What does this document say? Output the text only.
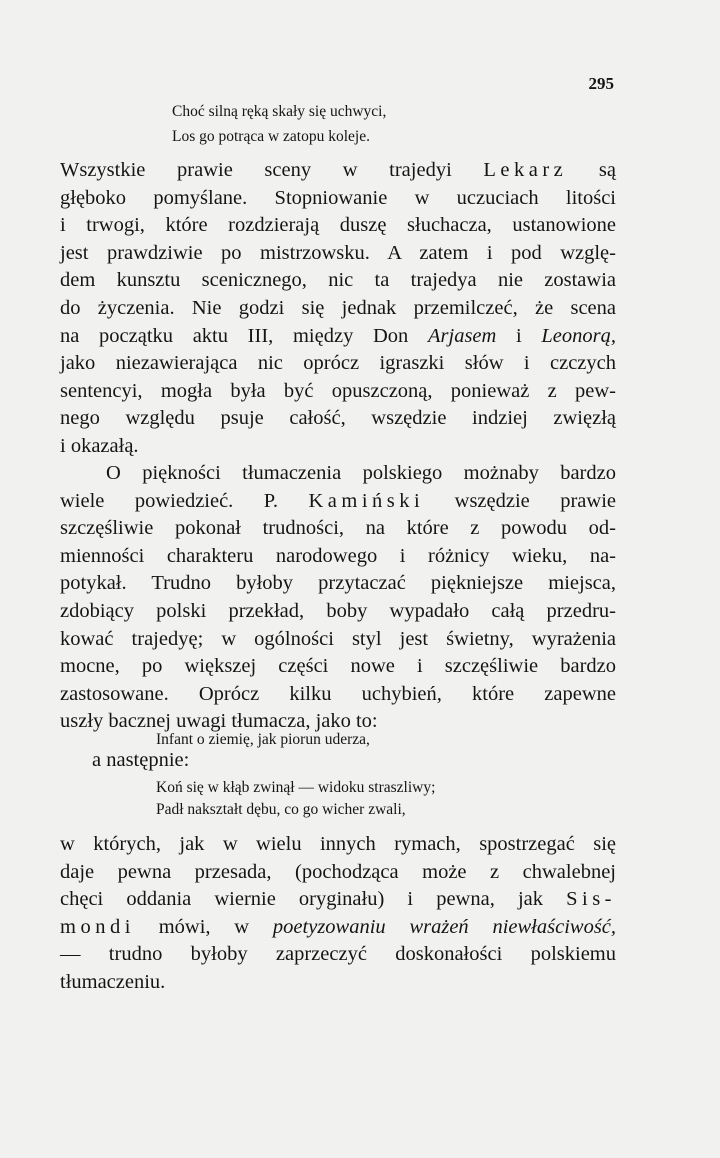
295
Choć silną ręką skały się uchwyci,
Los go potrąca w zatopu koleje.
Wszystkie prawie sceny w trajedyi Lekarz są
głęboko pomyślane. Stopniowanie w uczuciach litości
i trwogi, które rozdzierają duszę słuchacza, ustanowione
jest prawdziwie po mistrzowsku. A zatem i pod wzglę-
dem kunsztu scenicznego, nic ta trajedya nie zostawia
do życzenia. Nie godzi się jednak przemilczeć, że scena
na początku aktu III, między Don Arjasem i Leonorą,
jako niezawierająca nic oprócz igraszki słów i czczych
sentencyi, mogła była być opuszczoną, ponieważ z pew-
nego względu psuje całość, wszędzie indziej zwięzłą
i okazałą.
O piękności tłumaczenia polskiego możnaby bardzo
wiele powiedzieć. P. Kamiński wszędzie prawie
szczęśliwie pokonał trudności, na które z powodu od-
mienności charakteru narodowego i różnicy wieku, na-
potykał. Trudno byłoby przytaczać piękniejsze miejsca,
zdobiący polski przekład, boby wypadało całą przedru-
kować trajedyę; w ogólności styl jest świetny, wyrażenia
mocne, po większej części nowe i szczęśliwie bardzo
zastosowane. Oprócz kilku uchybień, które zapewne
uszły bacznej uwagi tłumacza, jako to:
Infant o ziemię, jak piorun uderza,
a następnie:
Koń się w kłąb zwinął — widoku straszliwy;
Padł nakształt dębu, co go wicher zwali,
w których, jak w wielu innych rymach, spostrzegać się
daje pewna przesada, (pochodząca może z chwalebnej
chęci oddania wiernie oryginału) i pewna, jak Sis-
mondi mówi, w poetyzowaniu wrażeń niewłaściwość,
— trudno byłoby zaprzeczyć doskonałości polskiemu
tłumaczeniu.
